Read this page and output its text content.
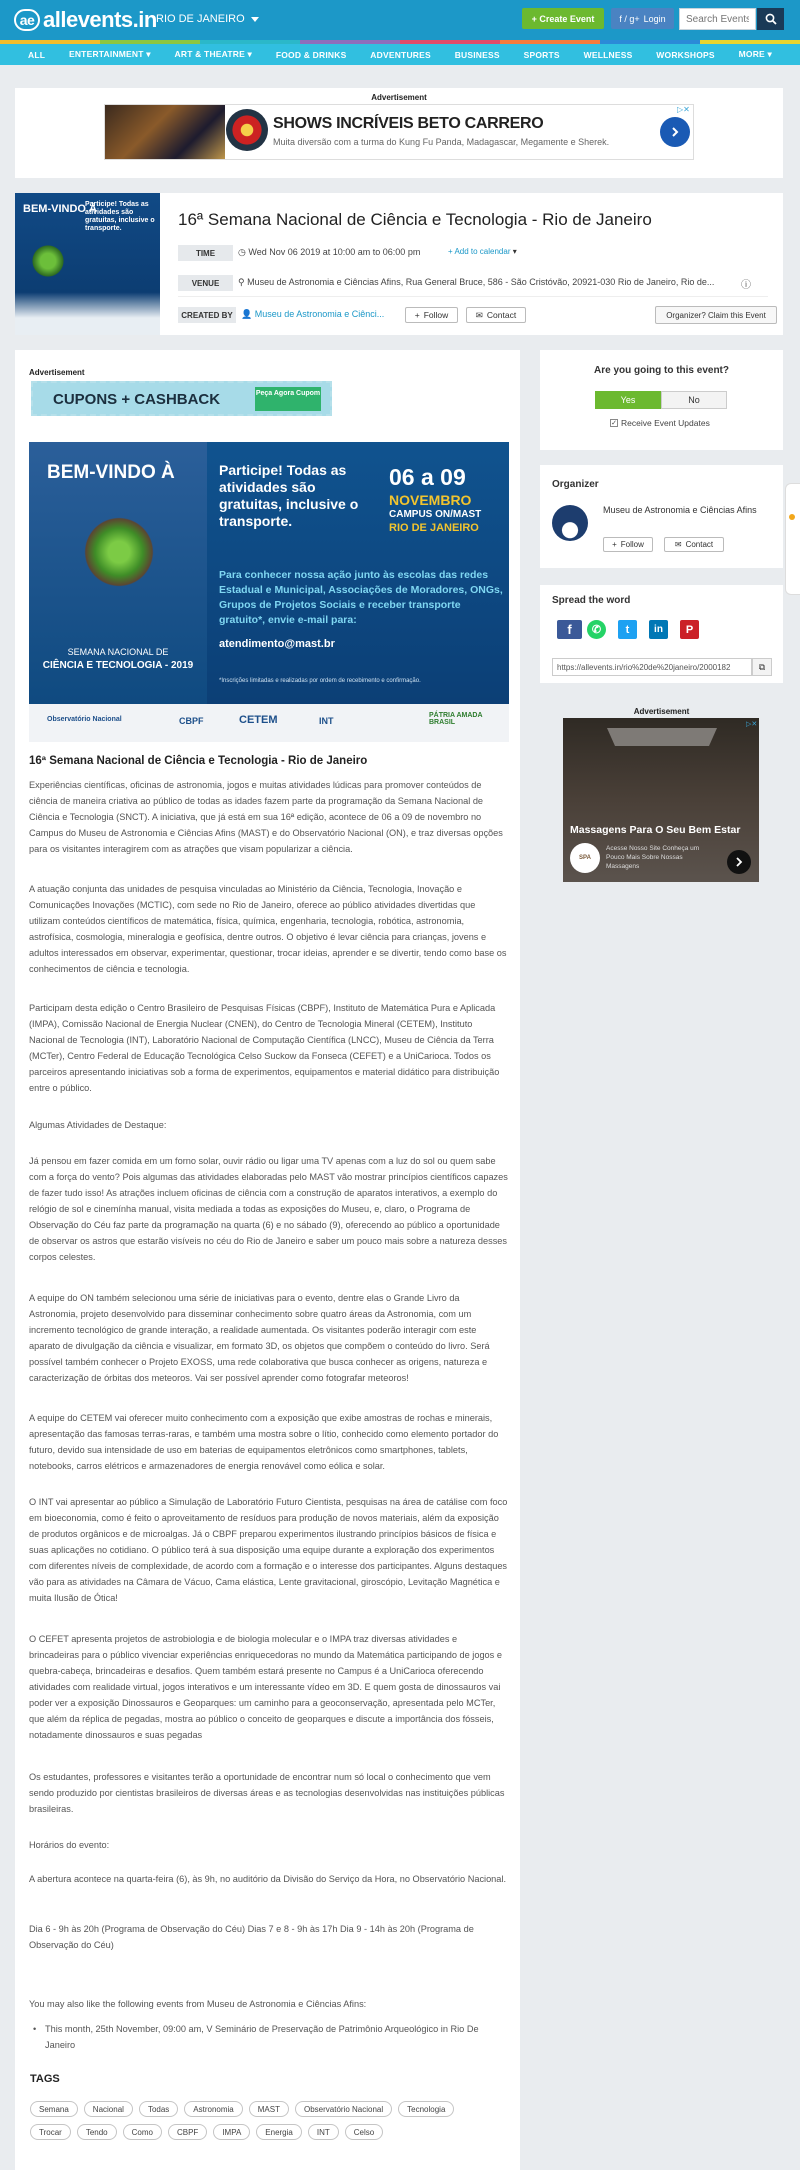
ae allevents.in RIO DE JANEIRO	+ Create Event	f / g+ Login
Search Events
ALL	ENTERTAINMENT ▾	ART & THEATRE ▾	FOOD & DRINKS	ADVENTURES	BUSINESS	SPORTS	WELLNESS	WORKSHOPS	MORE ▾
Advertisement
SHOWS INCRÍVEIS BETO CARRERO
Muita diversão com a turma do Kung Fu Panda, Madagascar, Megamente e Sherek.
▷✕
BEM-VINDO À
Participe! Todas as atividades são gratuitas, inclusive o transporte.	16ª Semana Nacional de Ciência e Tecnologia - Rio de Janeiro
TIME	◷ Wed Nov 06 2019 at 10:00 am to 06:00 pm	+ Add to calendar ▾
VENUE	⚲ Museu de Astronomia e Ciências Afins, Rua General Bruce, 586 - São Cristóvão, 20921-030 Rio de Janeiro, Rio de...	ⓘ
CREATED BY 👤 Museu de Astronomia e Ciênci...	+ Follow	✉ Contact	Organizer? Claim this Event
Advertisement
CUPONS + CASHBACK	Peça Agora Cupom
BEM-VINDO À
SEMANA NACIONAL DE
CIÊNCIA E TECNOLOGIA - 2019
Participe! Todas as atividades são gratuitas, inclusive o transporte.
06 a 09
NOVEMBRO
CAMPUS ON/MAST
RIO DE JANEIRO
Para conhecer nossa ação junto às escolas das redes Estadual e Municipal, Associações de Moradores, ONGs, Grupos de Projetos Sociais e receber transporte gratuito*, envie e-mail para:
atendimento@mast.br
*Inscrições limitadas e realizadas por ordem de recebimento e confirmação.
Observatório Nacional	CBPF	CETEM	INT
PÁTRIA AMADA BRASIL
16ª Semana Nacional de Ciência e Tecnologia - Rio de Janeiro
Experiências científicas, oficinas de astronomia, jogos e muitas atividades lúdicas para promover conteúdos de ciência de maneira criativa ao público de todas as idades fazem parte da programação da Semana Nacional de Ciência e Tecnologia (SNCT). A iniciativa, que já está em sua 16ª edição, acontece de 06 a 09 de novembro no Campus do Museu de Astronomia e Ciências Afins (MAST) e do Observatório Nacional (ON), e traz diversas opções para os visitantes interagirem com as atrações que visam popularizar a ciência.
A atuação conjunta das unidades de pesquisa vinculadas ao Ministério da Ciência, Tecnologia, Inovação e Comunicações Inovações (MCTIC), com sede no Rio de Janeiro, oferece ao público atividades divertidas que utilizam conteúdos científicos de matemática, física, química, engenharia, tecnologia, robótica, astronomia, astrofísica, cosmologia, mineralogia e geofísica, dentre outros. O objetivo é levar ciência para crianças, jovens e adultos interessados em observar, experimentar, questionar, trocar ideias, aprender e se divertir, tendo como base os conhecimentos de ciência e tecnologia.
Participam desta edição o Centro Brasileiro de Pesquisas Físicas (CBPF), Instituto de Matemática Pura e Aplicada (IMPA), Comissão Nacional de Energia Nuclear (CNEN), do Centro de Tecnologia Mineral (CETEM), Instituto Nacional de Tecnologia (INT), Laboratório Nacional de Computação Científica (LNCC), Museu de Ciência da Terra (MCTer), Centro Federal de Educação Tecnológica Celso Suckow da Fonseca (CEFET) e a UniCarioca. Todos os parceiros apresentando iniciativas sob a forma de experimentos, equipamentos e material didático para distribuição entre o público.
Algumas Atividades de Destaque:
Já pensou em fazer comida em um forno solar, ouvir rádio ou ligar uma TV apenas com a luz do sol ou quem sabe com a força do vento? Pois algumas das atividades elaboradas pelo MAST vão mostrar princípios científicos capazes de fazer tudo isso! As atrações incluem oficinas de ciência com a construção de aparatos interativos, a exemplo do relógio de sol e cinemínha manual, visita mediada a todas as exposições do Museu, e, claro, o Programa de Observação do Céu faz parte da programação na quarta (6) e no sábado (9), oferecendo ao público a oportunidade de observar os astros que estarão visíveis no céu do Rio de Janeiro e saber um pouco mais sobre a natureza desses corpos celestes.
A equipe do ON também selecionou uma série de iniciativas para o evento, dentre elas o Grande Livro da Astronomia, projeto desenvolvido para disseminar conhecimento sobre quatro áreas da Astronomia, com um incremento tecnológico de grande interação, a realidade aumentada. Os visitantes poderão interagir com este aparato de divulgação da ciência e visualizar, em formato 3D, os objetos que compõem o conteúdo do livro. Será possível também conhecer o Projeto EXOSS, uma rede colaborativa que busca conhecer as origens, natureza e caracterização de órbitas dos meteoros. Vai ser possível aprender como fotografar meteoros!
A equipe do CETEM vai oferecer muito conhecimento com a exposição que exibe amostras de rochas e minerais, apresentação das famosas terras-raras, e também uma mostra sobre o lítio, conhecido como elemento portador do futuro, devido sua intensidade de uso em baterias de equipamentos eletrônicos como smartphones, tablets, notebooks, carros elétricos e armazenadores de energia renovável como eólica e solar.
O INT vai apresentar ao público a Simulação de Laboratório Futuro Cientista, pesquisas na área de catálise com foco em bioeconomia, como é feito o aproveitamento de resíduos para produção de novos materiais, além da exposição de produtos orgânicos e de microalgas. Já o CBPF preparou experimentos ilustrando princípios básicos de física e suas aplicações no cotidiano. O público terá à sua disposição uma equipe durante a exploração dos experimentos com diferentes níveis de complexidade, de acordo com a formação e o interesse dos participantes. Alguns destaques vão para as atividades na Câmara de Vácuo, Cama elástica, Lente gravitacional, giroscópio, Levitação Magnética e muita Ilusão de Ótica!
O CEFET apresenta projetos de astrobiologia e de biologia molecular e o IMPA traz diversas atividades e brincadeiras para o público vivenciar experiências enriquecedoras no mundo da Matemática participando de jogos e quebra-cabeça, brincadeiras e desafios. Quem também estará presente no Campus é a UniCarioca oferecendo atividades com realidade virtual, jogos interativos e um interessante vídeo em 3D. E quem gosta de dinossauros vai poder ver a exposição Dinossauros e Geoparques: um caminho para a geoconservação, apresentada pelo MCTer, que além da réplica de pegadas, mostra ao público o conceito de geoparques e discute a importância dos fósseis, notadamente dinossauros e suas pegadas
Os estudantes, professores e visitantes terão a oportunidade de encontrar num só local o conhecimento que vem sendo produzido por cientistas brasileiros de diversas áreas e as tecnologias desenvolvidas nas instituições públicas brasileiras.
Horários do evento:
A abertura acontece na quarta-feira (6), às 9h, no auditório da Divisão do Serviço da Hora, no Observatório Nacional.
Dia 6 - 9h às 20h (Programa de Observação do Céu) Dias 7 e 8 - 9h às 17h Dia 9 - 14h às 20h (Programa de Observação do Céu)
You may also like the following events from Museu de Astronomia e Ciências Afins:
• This month, 25th November, 09:00 am, V Seminário de Preservação de Patrimônio Arqueológico in Rio De Janeiro
TAGS
Semana	Nacional	Todas	Astronomia	MAST	Observatório Nacional	Tecnologia
Trocar	Tendo	Como	CBPF	IMPA	Energia	INT	Celso
Are you going to this event?
Yes	No
✓ Receive Event Updates
Organizer
Museu de Astronomia e Ciências Afins
+ Follow	✉ Contact
Spread the word
f	✆	t	in	P
https://allevents.in/rio%20de%20janeiro/2000182	⧉
Advertisement
▷✕
Massagens Para O Seu Bem Estar
SPA
Acesse Nosso Site Conheça um Pouco Mais Sobre Nossas Massagens
